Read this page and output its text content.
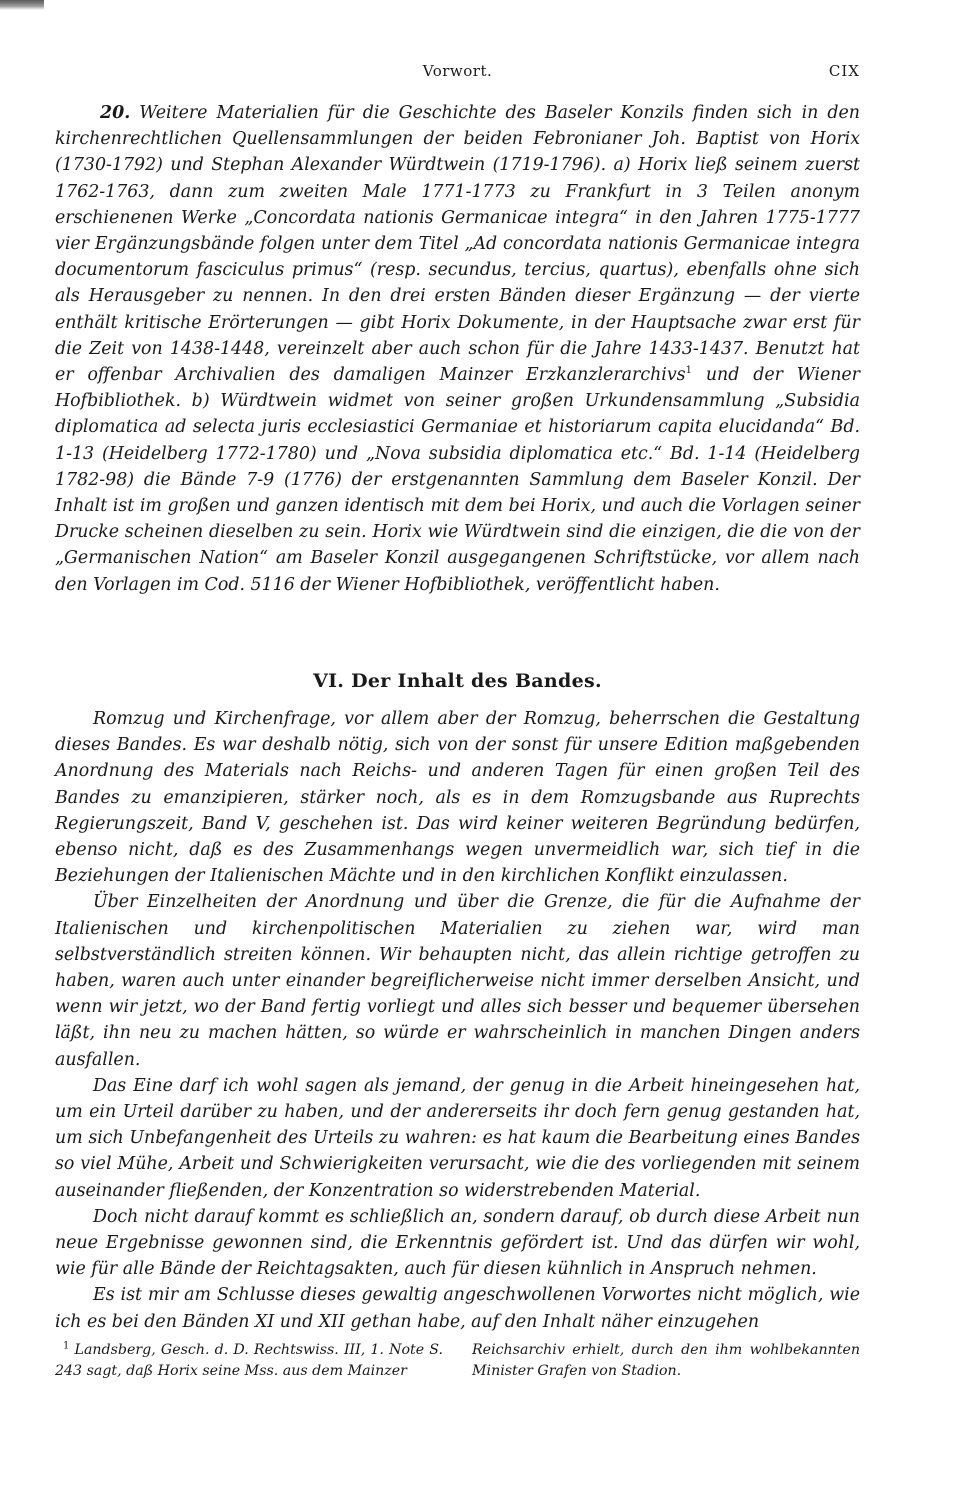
Vorwort.	CIX

20. Weitere Materialien für die Geschichte des Baseler Konzils finden sich in den kirchenrechtlichen Quellensammlungen der beiden Febronianer Joh. Baptist von Horix (1730-1792) und Stephan Alexander Würdtwein (1719-1796). a) Horix ließ seinem zuerst 1762-1763, dann zum zweiten Male 1771-1773 zu Frankfurt in 3 Teilen anonym erschienenen Werke „Concordata nationis Germanicae integra“ in den Jahren 1775-1777 vier Ergänzungsbände folgen unter dem Titel „Ad concordata nationis Germanicae integra documentorum fasciculus primus“ (resp. secundus, tercius, quartus), ebenfalls ohne sich als Herausgeber zu nennen. In den drei ersten Bänden dieser Ergänzung — der vierte enthält kritische Erörterungen — gibt Horix Dokumente, in der Hauptsache zwar erst für die Zeit von 1438-1448, vereinzelt aber auch schon für die Jahre 1433-1437. Benutzt hat er offenbar Archivalien des damaligen Mainzer Erzkanzlerarchivs$^1$ und der Wiener Hofbibliothek. b) Würdtwein widmet von seiner großen Urkundensammlung „Subsidia diplomatica ad selecta juris ecclesiastici Germaniae et historiarum capita elucidanda“ Bd. 1-13 (Heidelberg 1772-1780) und „Nova subsidia diplomatica etc.“ Bd. 1-14 (Heidelberg 1782-98) die Bände 7-9 (1776) der erstgenannten Sammlung dem Baseler Konzil. Der Inhalt ist im großen und ganzen identisch mit dem bei Horix, und auch die Vorlagen seiner Drucke scheinen dieselben zu sein. Horix wie Würdtwein sind die einzigen, die die von der „Germanischen Nation“ am Baseler Konzil ausgegangenen Schriftstücke, vor allem nach den Vorlagen im Cod. 5116 der Wiener Hofbibliothek, veröffentlicht haben.

VI. Der Inhalt des Bandes.

Romzug und Kirchenfrage, vor allem aber der Romzug, beherrschen die Gestaltung dieses Bandes. Es war deshalb nötig, sich von der sonst für unsere Edition maßgebenden Anordnung des Materials nach Reichs- und anderen Tagen für einen großen Teil des Bandes zu emanzipieren, stärker noch, als es in dem Romzugsbande aus Ruprechts Regierungszeit, Band V, geschehen ist. Das wird keiner weiteren Begründung bedürfen, ebenso nicht, daß es des Zusammenhangs wegen unvermeidlich war, sich tief in die Beziehungen der Italienischen Mächte und in den kirchlichen Konflikt einzulassen.

Über Einzelheiten der Anordnung und über die Grenze, die für die Aufnahme der Italienischen und kirchenpolitischen Materialien zu ziehen war, wird man selbstverständlich streiten können. Wir behaupten nicht, das allein richtige getroffen zu haben, waren auch unter einander begreiflicherweise nicht immer derselben Ansicht, und wenn wir jetzt, wo der Band fertig vorliegt und alles sich besser und bequemer übersehen läßt, ihn neu zu machen hätten, so würde er wahrscheinlich in manchen Dingen anders ausfallen.

Das Eine darf ich wohl sagen als jemand, der genug in die Arbeit hineingesehen hat, um ein Urteil darüber zu haben, und der andererseits ihr doch fern genug gestanden hat, um sich Unbefangenheit des Urteils zu wahren: es hat kaum die Bearbeitung eines Bandes so viel Mühe, Arbeit und Schwierigkeiten verursacht, wie die des vorliegenden mit seinem auseinander fließenden, der Konzentration so widerstrebenden Material.

Doch nicht darauf kommt es schließlich an, sondern darauf, ob durch diese Arbeit nun neue Ergebnisse gewonnen sind, die Erkenntnis gefördert ist. Und das dürfen wir wohl, wie für alle Bände der Reichtagsakten, auch für diesen kühnlich in Anspruch nehmen.

Es ist mir am Schlusse dieses gewaltig angeschwollenen Vorwortes nicht möglich, wie ich es bei den Bänden XI und XII gethan habe, auf den Inhalt näher einzugehen

$^1$ Landsberg, Gesch. d. D. Rechtswiss. III, 1. Note S. 243 sagt, daß Horix seine Mss. aus dem Mainzer
Reichsarchiv erhielt, durch den ihm wohlbekannten Minister Grafen von Stadion.
